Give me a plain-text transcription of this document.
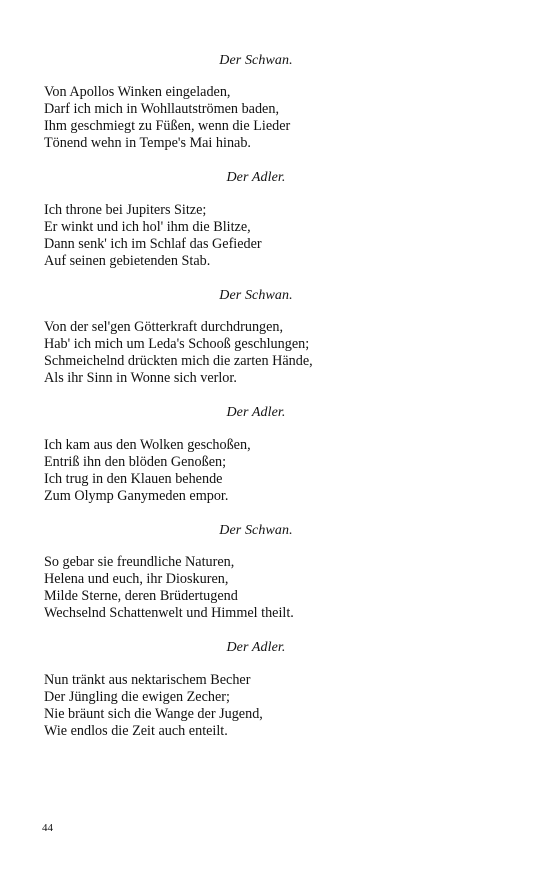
Der Schwan.
Von Apollos Winken eingeladen,
Darf ich mich in Wohllautströmen baden,
Ihm geschmiegt zu Füßen, wenn die Lieder
Tönend wehn in Tempe's Mai hinab.
Der Adler.
Ich throne bei Jupiters Sitze;
Er winkt und ich hol' ihm die Blitze,
Dann senk' ich im Schlaf das Gefieder
Auf seinen gebietenden Stab.
Der Schwan.
Von der sel'gen Götterkraft durchdrungen,
Hab' ich mich um Leda's Schooß geschlungen;
Schmeichelnd drückten mich die zarten Hände,
Als ihr Sinn in Wonne sich verlor.
Der Adler.
Ich kam aus den Wolken geschoßen,
Entriß ihn den blöden Genoßen;
Ich trug in den Klauen behende
Zum Olymp Ganymeden empor.
Der Schwan.
So gebar sie freundliche Naturen,
Helena und euch, ihr Dioskuren,
Milde Sterne, deren Brüdertugend
Wechselnd Schattenwelt und Himmel theilt.
Der Adler.
Nun tränkt aus nektarischem Becher
Der Jüngling die ewigen Zecher;
Nie bräunt sich die Wange der Jugend,
Wie endlos die Zeit auch enteilt.
44
